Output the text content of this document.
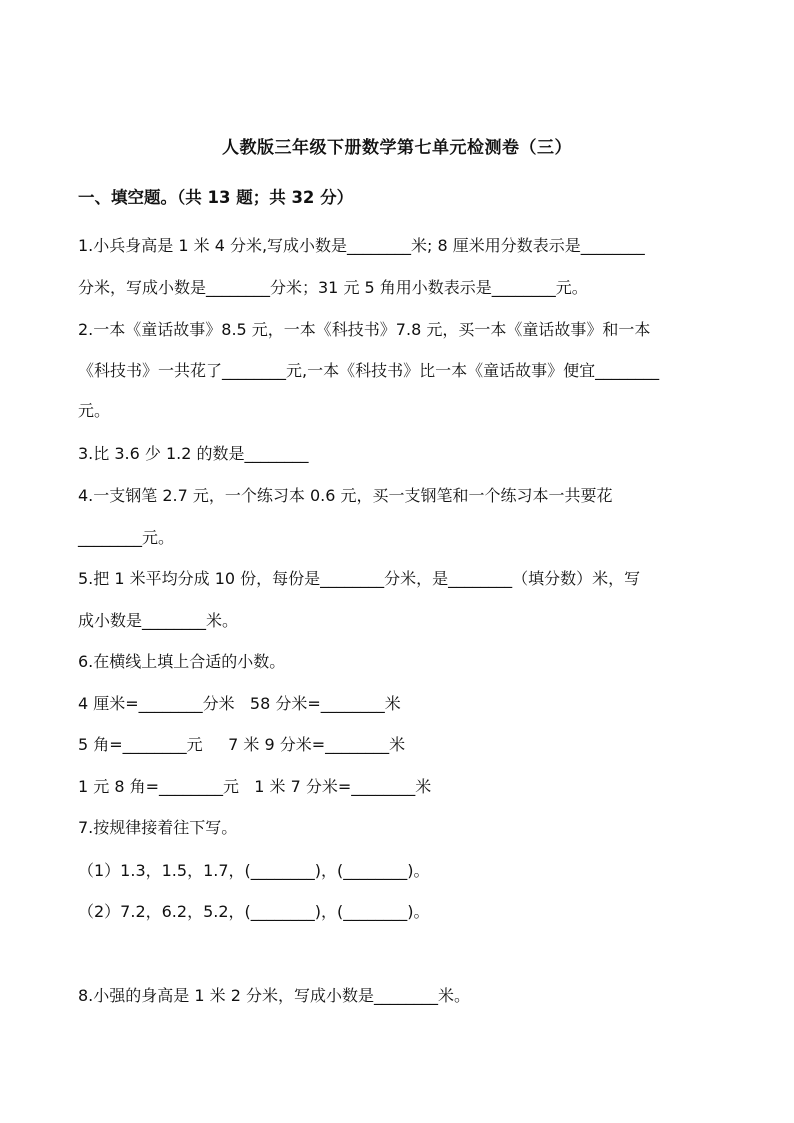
人教版三年级下册数学第七单元检测卷（三）
一、填空题。（共 13 题；共 32 分）
1.小兵身高是 1 米 4 分米,写成小数是________米; 8 厘米用分数表示是________
分米，写成小数是________分米；31 元 5 角用小数表示是________元。
2.一本《童话故事》8.5 元，一本《科技书》7.8 元，买一本《童话故事》和一本
《科技书》一共花了________元,一本《科技书》比一本《童话故事》便宜________
元。
3.比 3.6 少 1.2 的数是________
4.一支钢笔 2.7 元，一个练习本 0.6 元，买一支钢笔和一个练习本一共要花
________元。
5.把 1 米平均分成 10 份，每份是________分米，是________（填分数）米，写
成小数是________米。
6.在横线上填上合适的小数。
4 厘米=________分米   58 分米=________米
5 角=________元     7 米 9 分米=________米
1 元 8 角=________元   1 米 7 分米=________米
7.按规律接着往下写。
（1）1.3，1.5，1.7，(________)，(________)。
（2）7.2，6.2，5.2，(________)，(________)。
8.小强的身高是 1 米 2 分米，写成小数是________米。
